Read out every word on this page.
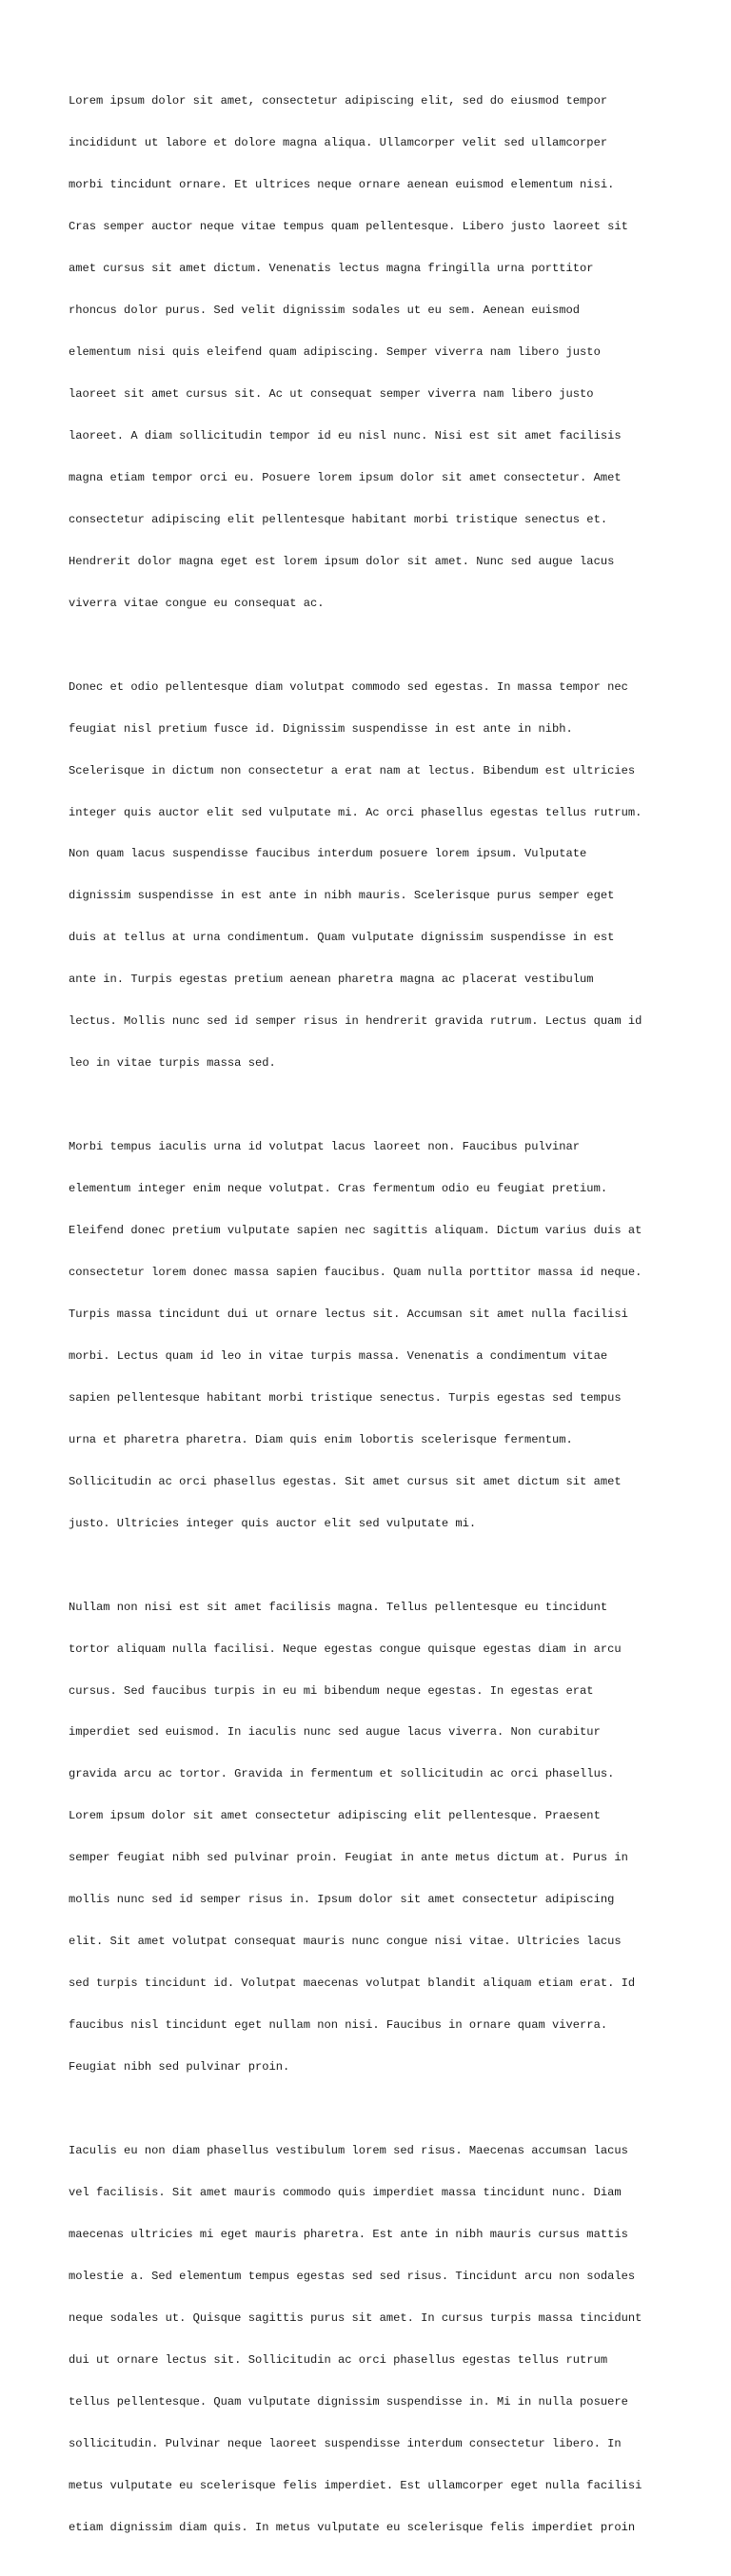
Lorem ipsum dolor sit amet, consectetur adipiscing elit, sed do eiusmod tempor

incididunt ut labore et dolore magna aliqua. Ullamcorper velit sed ullamcorper

morbi tincidunt ornare. Et ultrices neque ornare aenean euismod elementum nisi.

Cras semper auctor neque vitae tempus quam pellentesque. Libero justo laoreet sit

amet cursus sit amet dictum. Venenatis lectus magna fringilla urna porttitor

rhoncus dolor purus. Sed velit dignissim sodales ut eu sem. Aenean euismod

elementum nisi quis eleifend quam adipiscing. Semper viverra nam libero justo

laoreet sit amet cursus sit. Ac ut consequat semper viverra nam libero justo

laoreet. A diam sollicitudin tempor id eu nisl nunc. Nisi est sit amet facilisis

magna etiam tempor orci eu. Posuere lorem ipsum dolor sit amet consectetur. Amet

consectetur adipiscing elit pellentesque habitant morbi tristique senectus et.

Hendrerit dolor magna eget est lorem ipsum dolor sit amet. Nunc sed augue lacus

viverra vitae congue eu consequat ac.

Donec et odio pellentesque diam volutpat commodo sed egestas. In massa tempor nec

feugiat nisl pretium fusce id. Dignissim suspendisse in est ante in nibh.

Scelerisque in dictum non consectetur a erat nam at lectus. Bibendum est ultricies

integer quis auctor elit sed vulputate mi. Ac orci phasellus egestas tellus rutrum.

Non quam lacus suspendisse faucibus interdum posuere lorem ipsum. Vulputate

dignissim suspendisse in est ante in nibh mauris. Scelerisque purus semper eget

duis at tellus at urna condimentum. Quam vulputate dignissim suspendisse in est

ante in. Turpis egestas pretium aenean pharetra magna ac placerat vestibulum

lectus. Mollis nunc sed id semper risus in hendrerit gravida rutrum. Lectus quam id

leo in vitae turpis massa sed.

Morbi tempus iaculis urna id volutpat lacus laoreet non. Faucibus pulvinar

elementum integer enim neque volutpat. Cras fermentum odio eu feugiat pretium.

Eleifend donec pretium vulputate sapien nec sagittis aliquam. Dictum varius duis at

consectetur lorem donec massa sapien faucibus. Quam nulla porttitor massa id neque.

Turpis massa tincidunt dui ut ornare lectus sit. Accumsan sit amet nulla facilisi

morbi. Lectus quam id leo in vitae turpis massa. Venenatis a condimentum vitae

sapien pellentesque habitant morbi tristique senectus. Turpis egestas sed tempus

urna et pharetra pharetra. Diam quis enim lobortis scelerisque fermentum.

Sollicitudin ac orci phasellus egestas. Sit amet cursus sit amet dictum sit amet

justo. Ultricies integer quis auctor elit sed vulputate mi.

Nullam non nisi est sit amet facilisis magna. Tellus pellentesque eu tincidunt

tortor aliquam nulla facilisi. Neque egestas congue quisque egestas diam in arcu

cursus. Sed faucibus turpis in eu mi bibendum neque egestas. In egestas erat

imperdiet sed euismod. In iaculis nunc sed augue lacus viverra. Non curabitur

gravida arcu ac tortor. Gravida in fermentum et sollicitudin ac orci phasellus.

Lorem ipsum dolor sit amet consectetur adipiscing elit pellentesque. Praesent

semper feugiat nibh sed pulvinar proin. Feugiat in ante metus dictum at. Purus in

mollis nunc sed id semper risus in. Ipsum dolor sit amet consectetur adipiscing

elit. Sit amet volutpat consequat mauris nunc congue nisi vitae. Ultricies lacus

sed turpis tincidunt id. Volutpat maecenas volutpat blandit aliquam etiam erat. Id

faucibus nisl tincidunt eget nullam non nisi. Faucibus in ornare quam viverra.

Feugiat nibh sed pulvinar proin.

Iaculis eu non diam phasellus vestibulum lorem sed risus. Maecenas accumsan lacus

vel facilisis. Sit amet mauris commodo quis imperdiet massa tincidunt nunc. Diam

maecenas ultricies mi eget mauris pharetra. Est ante in nibh mauris cursus mattis

molestie a. Sed elementum tempus egestas sed sed risus. Tincidunt arcu non sodales

neque sodales ut. Quisque sagittis purus sit amet. In cursus turpis massa tincidunt

dui ut ornare lectus sit. Sollicitudin ac orci phasellus egestas tellus rutrum

tellus pellentesque. Quam vulputate dignissim suspendisse in. Mi in nulla posuere

sollicitudin. Pulvinar neque laoreet suspendisse interdum consectetur libero. In

metus vulputate eu scelerisque felis imperdiet. Est ullamcorper eget nulla facilisi

etiam dignissim diam quis. In metus vulputate eu scelerisque felis imperdiet proin
